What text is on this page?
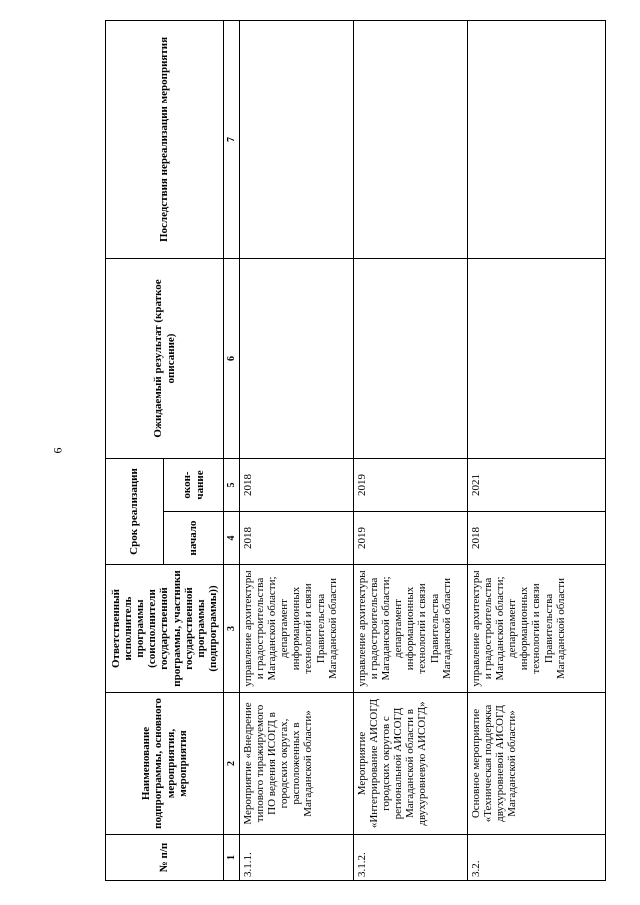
6
№ п/п	Наименование подпрограммы, основного мероприятия, мероприятия	Ответственный исполнитель программы (соисполнители государственной программы, участники государственной программы (подпрограммы))	Срок реализации		Ожидаемый результат (краткое описание)	Последствия нереализации мероприятия
			начало	окон-чание		
1	2	3	4	5	6	7
3.1.1.	Мероприятие «Внедрение типового тиражируемого ПО ведения ИСОГД в городских округах, расположенных в Магаданской области»	управление архитектуры и градостроительства Магаданской области; департамент информационных технологий и связи Правительства Магаданской области	2018	2018		
3.1.2.	Мероприятие «Интегрирование АИСОГД городских округов с региональной АИСОГД Магаданской области в двухуровневую АИСОГД»	управление архитектуры и градостроительства Магаданской области; департамент информационных технологий и связи Правительства Магаданской области	2019	2019		
3.2.	Основное мероприятие «Техническая поддержка двухуровневой АИСОГД Магаданской области»	управление архитектуры и градостроительства Магаданской области; департамент информационных технологий и связи Правительства Магаданской области	2018	2021		
